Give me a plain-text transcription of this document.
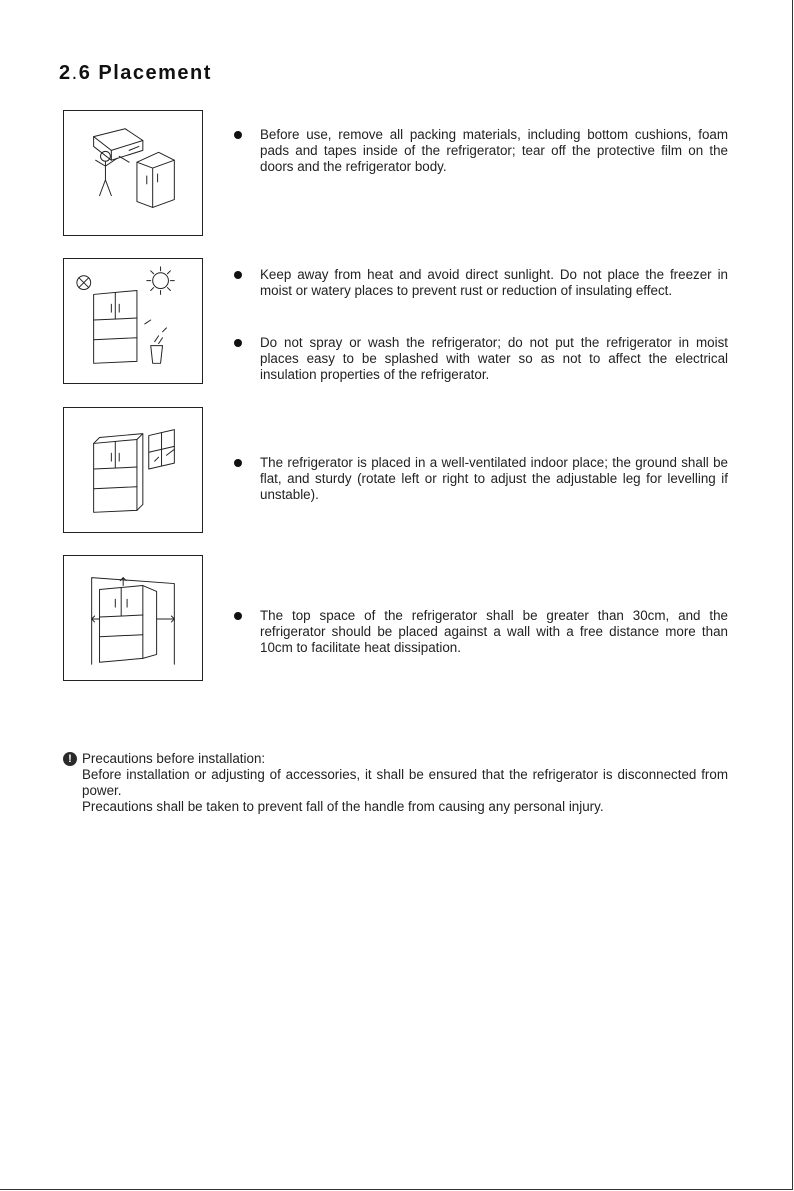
2.6 Placement
Before use, remove all packing materials, including bottom cushions, foam pads and tapes inside of the refrigerator; tear off the protective film on the doors and the refrigerator body.
Keep away from heat and avoid direct sunlight. Do not place the freezer in moist or watery places to prevent rust or reduction of insulating effect.
Do not spray or wash the refrigerator; do not put the refrigerator in moist places easy to be splashed with water so as not to affect the electrical insulation properties of the refrigerator.
The refrigerator is placed in a well-ventilated indoor place; the ground shall be flat, and sturdy (rotate left or right to adjust the adjustable leg for levelling if unstable).
The top space of the refrigerator shall be greater than 30cm, and the refrigerator should be placed against a wall with a free distance more than 10cm to facilitate heat dissipation.
! Precautions before installation:
Before installation or adjusting of accessories, it shall be ensured that the refrigerator is disconnected from power.
Precautions shall be taken to prevent fall of the handle from causing any personal injury.
